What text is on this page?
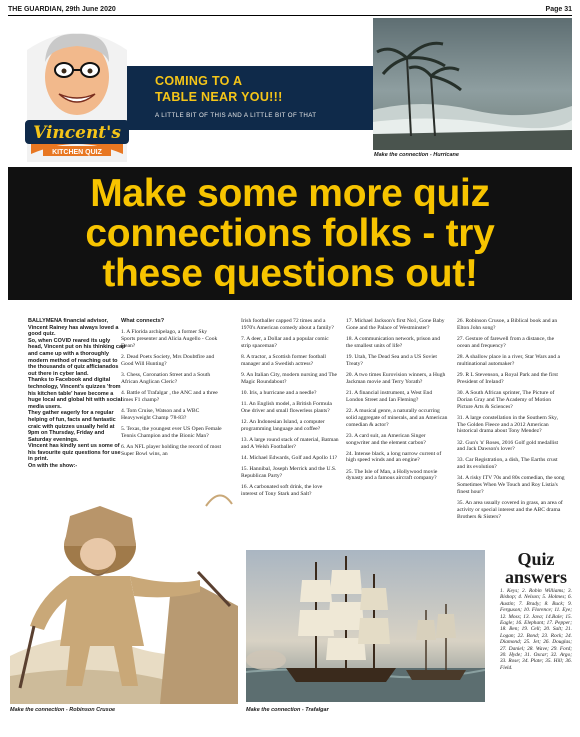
THE GUARDIAN, 29th June 2020	Page 31
COMING TO A
TABLE NEAR YOU!!!
A LITTLE BIT OF THIS AND A LITTLE BIT OF THAT
Vincent's
KITCHEN QUIZ	Make the connection - Hurricane
Make some more quiz
connections folks - try
these questions out!

BALLYMENA financial advisor, Vincent Rainey has always loved a good quiz.

So, when COVID reared its ugly head, Vincent put on his thinking cap and came up with a thoroughly modern method of reaching out to the thousands of quiz afficianados out there in cyber land.

Thanks to Facebook and digital technology, Vincent's quizzes 'from his kitchen table' have become a huge local and global hit with social media users.

They gather eagerly for a regular helping of fun, facts and fantastic craic with quizzes usually held at 9pm on Thursday, Friday and Saturday evenings.

Vincent has kindly sent us some of his favourite quiz questions for use in print.

On with the show:-

What connects?

1. A Florida archipelago, a former Sky Sports presenter and Alicia Augello - Cook Dean?

2. Dead Poets Society, Mrs Doubtfire and Good Will Hunting?

3. Chess, Coronation Street and a South African Anglican Cleric?

4. Battle of Trafalgar , the ANC and a three times F1 champ?

4. Tom Cruise, Watson and a WBC Heavyweight Champ '78-83?

5. Texas, the youngest ever US Open Female Tennis Champion and the Bionic Man?

6. An NFL player holding the record of most Super Bowl wins, an

Irish footballer capped 72 times and a 1970's American comedy about a family?

7. A deer, a Dollar and a popular comic strip spaceman?

8. A tractor, a Scottish former football manager and a Swedish actress?

9. An Italian City, modern nursing and The Magic Roundabout?

10. Iris, a hurricane and a needle?

11. An English model, a British Formula One driver and small flowerless plants?

12. An Indonesian Island, a computer programming language and coffee?

13. A large round stack of material, Batman and A Welsh Footballer?

14. Michael Edwards, Golf and Apollo 11?

15. Hannibal, Joseph Merrick and the U.S. Republican Party?

16. A carbonated soft drink, the love interest of Tony Stark and Salt?

17. Michael Jackson's first No1, Gone Baby Gone and the Palace of Westminster?

18. A communication network, prison and the smallest units of life?

19. Utah, The Dead Sea and a US Soviet Treaty?

20. A two times Eurovision winners, a Hugh Jackman movie and Terry Yorath?

21. A financial instrument, a West End London Street and Ian Fleming?

22. A musical genre, a naturally occurring solid aggregate of minerals, and an American comedian & actor?

23. A card suit, an American Singer songwriter and the element carbon?

24. Intense black, a long narrow current of high speed winds and an engine?

25. The Isle of Man, a Hollywood movie dynasty and a famous aircraft company?

26. Robinson Crusoe, a Biblical book and an Elton John song?

27. Gesture of farewell from a distance, the ocean and frequency?

28. A shallow place in a river, Star Wars and a multinational automaker?

29. R L Stevenson, a Royal Park and the first President of Ireland?

30. A South African sprinter, The Picture of Dorian Gray and The Academy of Motion Picture Arts & Sciences?

31. A large constellation in the Southern Sky, The Golden Fleece and a 2012 American historical drama about Tony Mendez?

32. Gun's 'n' Roses, 2016 Golf gold medallist and Jack Dawson's lover?

33. Car Registration, a dish, The Earths crust and its evolution?

34. A risky ITV 70s and 80s comedian, the song Sometimes When We Touch and Roy Listia's finest hour?

35. An area usually covered in grass, an area of activity or special interest and the ABC drama Brothers & Sisters?

Make the connection - Robinson Crusoe	Make the connection - Trafalgar
Quiz answers
1. Keys; 2. Robin Williams; 3. Bishop; 4. Nelson; 5. Holmes; 6. Austin; 7. Brady; 8. Buck; 9. Ferguson; 10. Florence; 11. Eye; 12. Moss; 13. Java; 14.Bale; 15. Eagle; 16. Elephant; 17. Pepper; 18. Ben; 19. Cell; 20. Salt; 21. Logan; 22. Bond; 23. Rock; 24. Diamond; 25. Jet; 26. Douglas; 27. Daniel; 28. Wave; 29. Ford; 30. Hyde; 31. Oscar; 32. Argo; 33. Rose; 34. Plate; 35. Hill; 36. Field.
